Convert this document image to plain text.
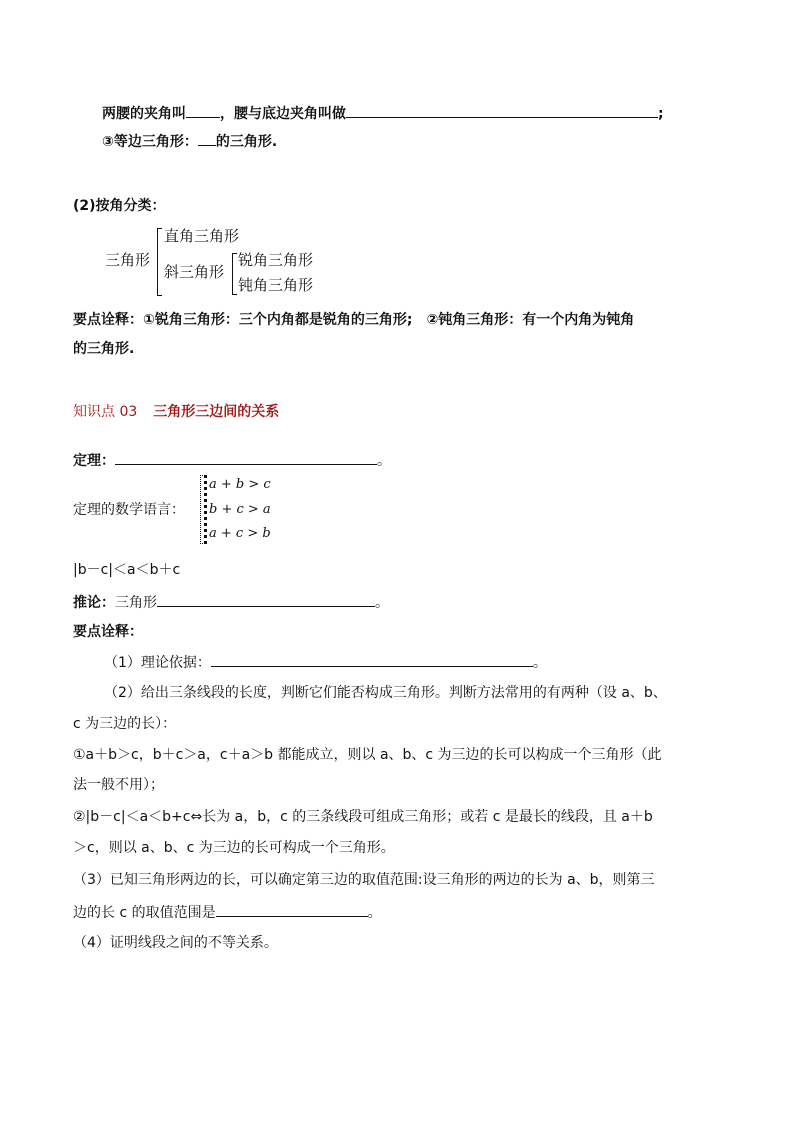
两腰的夹角叫 ，腰与底边夹角叫做	;
③等边三角形： 的三角形.
(2)按角分类：
三角形
直角三角形
斜三角形
锐角三角形
钝角三角形
要点诠释：①锐角三角形：三个内角都是锐角的三角形;　②钝角三角形：有一个内角为钝角
的三角形.
知识点 03 三角形三边间的关系
定理：	。
定理的数学语言：
a + b > c
b + c > a
a + c > b
|b－c|＜a＜b＋c
推论：三角形	。
要点诠释：
（1）理论依据：	。
（2）给出三条线段的长度，判断它们能否构成三角形。判断方法常用的有两种（设 a、b、
c 为三边的长）：
①a＋b＞c，b＋c＞a，c＋a＞b 都能成立，则以 a、b、c 为三边的长可以构成一个三角形（此
法一般不用）；
②|b－c|＜a＜b+c⇔长为 a，b，c 的三条线段可组成三角形；或若 c 是最长的线段，且 a＋b
＞c，则以 a、b、c 为三边的长可构成一个三角形。
（3）已知三角形两边的长，可以确定第三边的取值范围:设三角形的两边的长为 a、b，则第三
边的长 c 的取值范围是	。
（4）证明线段之间的不等关系。
